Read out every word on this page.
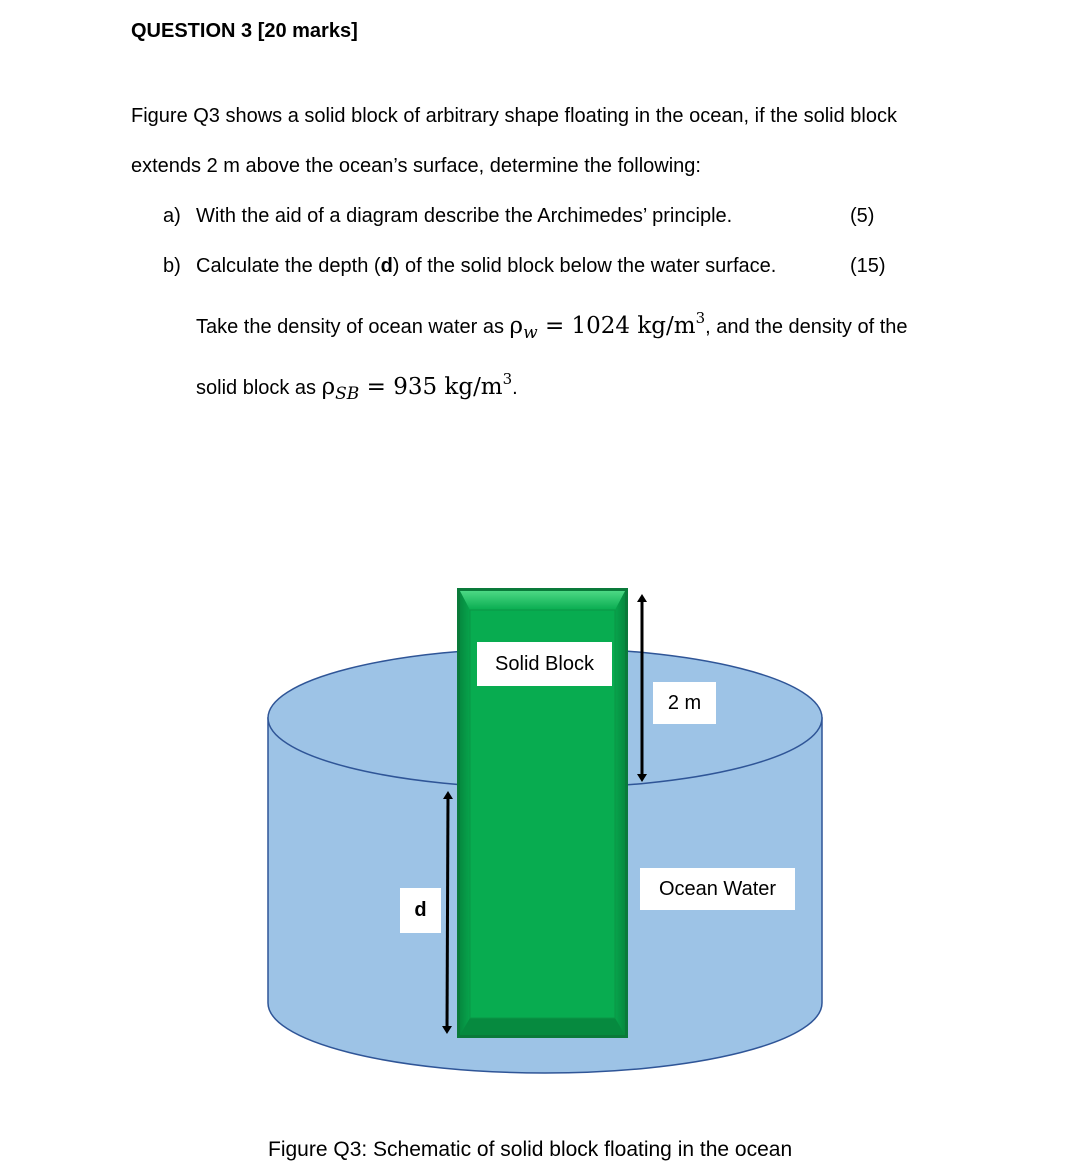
QUESTION 3 [20 marks]
Figure Q3 shows a solid block of arbitrary shape floating in the ocean, if the solid block
extends 2 m above the ocean’s surface, determine the following:
a) With the aid of a diagram describe the Archimedes’ principle.	(5)
b) Calculate the depth (d) of the solid block below the water surface.	(15)
Take the density of ocean water as $\rho_w = 1024$ $kg/m^3$, and the density of the
solid block as $\rho_{SB} = 935$ $kg/m^3$.
Solid Block
2 m
Ocean Water
d
Figure Q3: Schematic of solid block floating in the ocean
